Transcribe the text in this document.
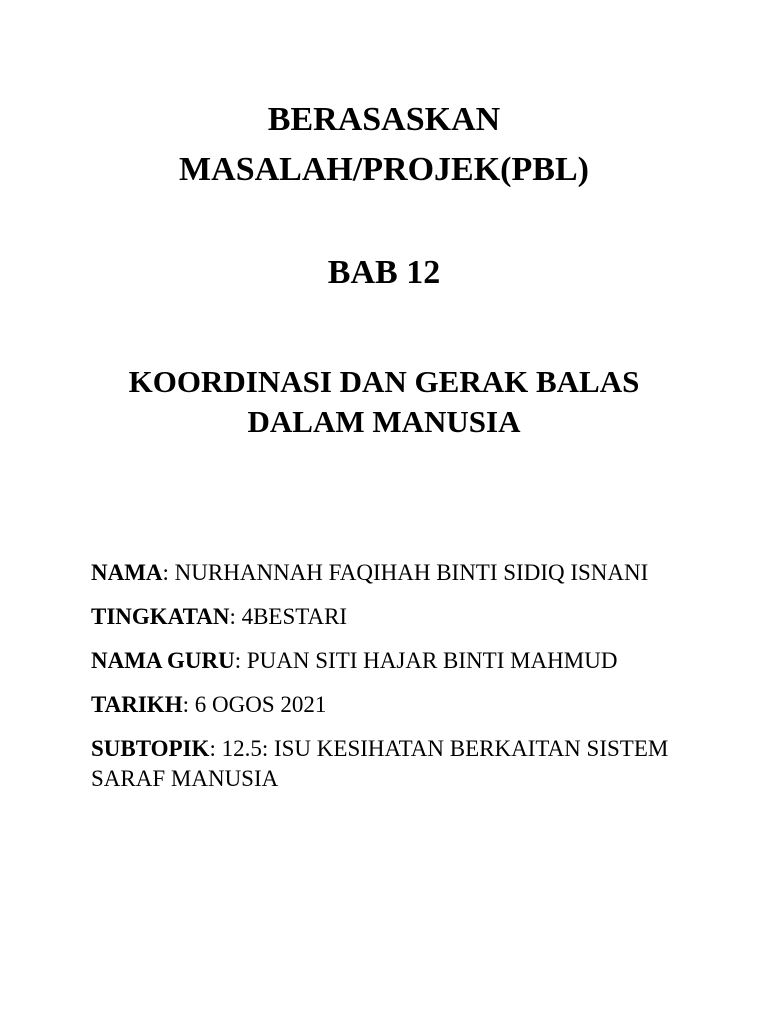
BERASASKAN
MASALAH/PROJEK(PBL)
BAB 12
KOORDINASI DAN GERAK BALAS
DALAM MANUSIA

NAMA: NURHANNAH FAQIHAH BINTI SIDIQ ISNANI

TINGKATAN: 4BESTARI

NAMA GURU: PUAN SITI HAJAR BINTI MAHMUD

TARIKH: 6 OGOS 2021

SUBTOPIK: 12.5: ISU KESIHATAN BERKAITAN SISTEM SARAF MANUSIA
